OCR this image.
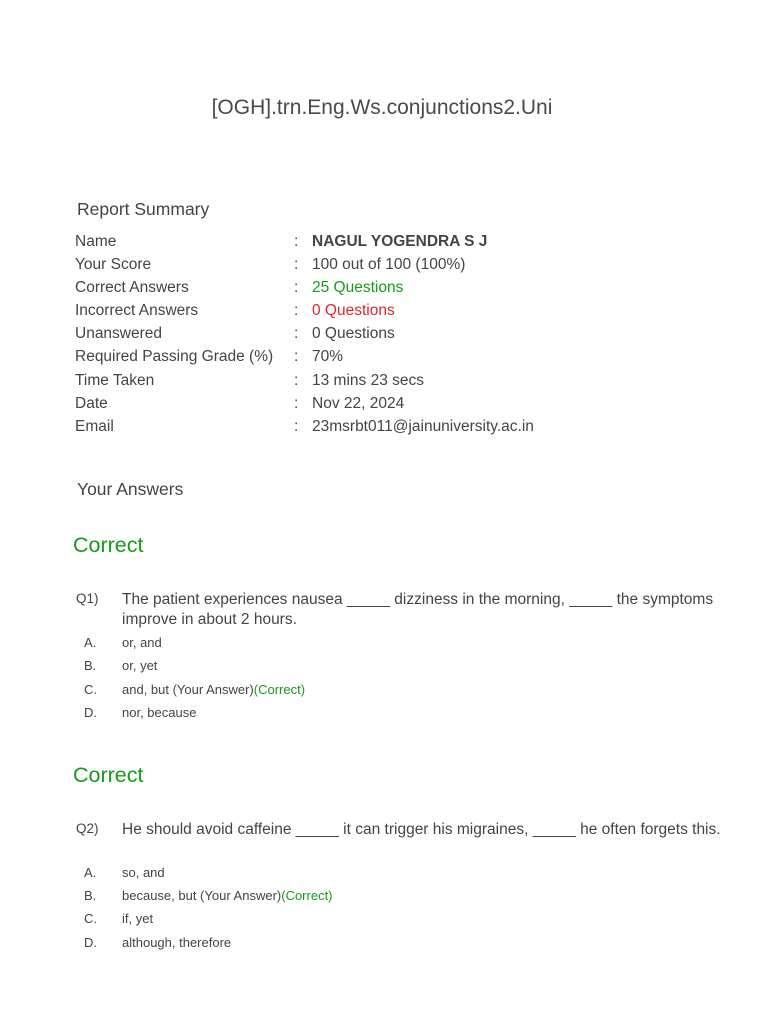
[OGH].trn.Eng.Ws.conjunctions2.Uni
Report Summary
Name	: NAGUL YOGENDRA S J
Your Score	: 100 out of 100 (100%)
Correct Answers	: 25 Questions
Incorrect Answers	: 0 Questions
Unanswered	: 0 Questions
Required Passing Grade (%) : 70%
Time Taken	: 13 mins 23 secs
Date	: Nov 22, 2024
Email	: 23msrbt011@jainuniversity.ac.in
Your Answers
Correct
Q1) The patient experiences nausea _____ dizziness in the morning, _____ the symptoms improve in about 2 hours.
A. or, and
B. or, yet
C. and, but (Your Answer)(Correct)
D. nor, because
Correct
Q2) He should avoid caffeine _____ it can trigger his migraines, _____ he often forgets this.
A. so, and
B. because, but (Your Answer)(Correct)
C. if, yet
D. although, therefore
